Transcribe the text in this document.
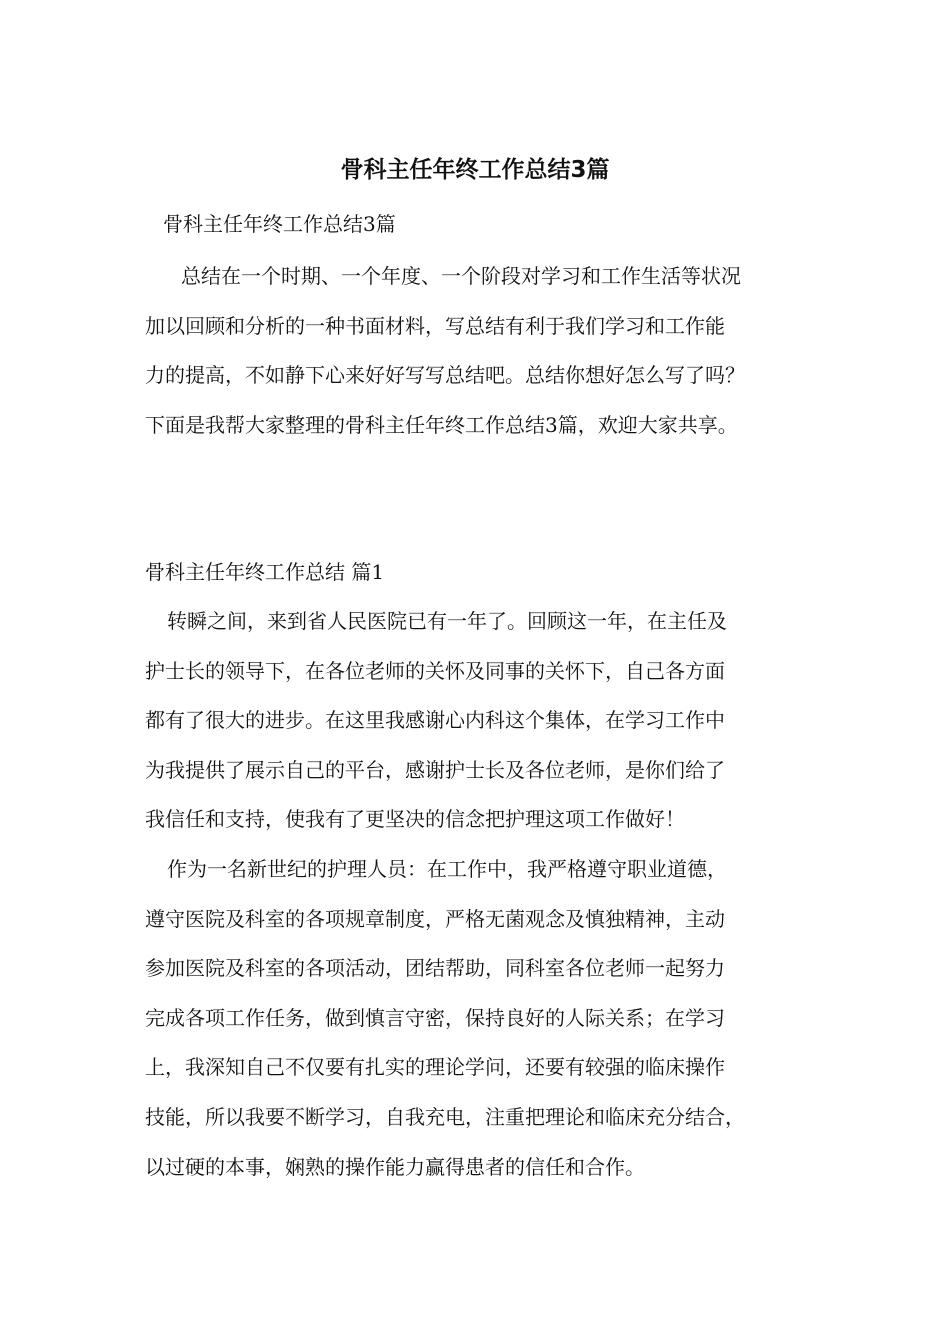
骨科主任年终工作总结3篇
骨科主任年终工作总结3篇
总结在一个时期、一个年度、一个阶段对学习和工作生活等状况
加以回顾和分析的一种书面材料，写总结有利于我们学习和工作能
力的提高，不如静下心来好好写写总结吧。总结你想好怎么写了吗？
下面是我帮大家整理的骨科主任年终工作总结3篇，欢迎大家共享。
骨科主任年终工作总结 篇1
转瞬之间，来到省人民医院已有一年了。回顾这一年，在主任及
护士长的领导下，在各位老师的关怀及同事的关怀下，自己各方面
都有了很大的进步。在这里我感谢心内科这个集体，在学习工作中
为我提供了展示自己的平台，感谢护士长及各位老师，是你们给了
我信任和支持，使我有了更坚决的信念把护理这项工作做好！
作为一名新世纪的护理人员：在工作中，我严格遵守职业道德，
遵守医院及科室的各项规章制度，严格无菌观念及慎独精神，主动
参加医院及科室的各项活动，团结帮助，同科室各位老师一起努力
完成各项工作任务，做到慎言守密，保持良好的人际关系；在学习
上，我深知自己不仅要有扎实的理论学问，还要有较强的临床操作
技能，所以我要不断学习，自我充电，注重把理论和临床充分结合，
以过硬的本事，娴熟的操作能力赢得患者的信任和合作。
